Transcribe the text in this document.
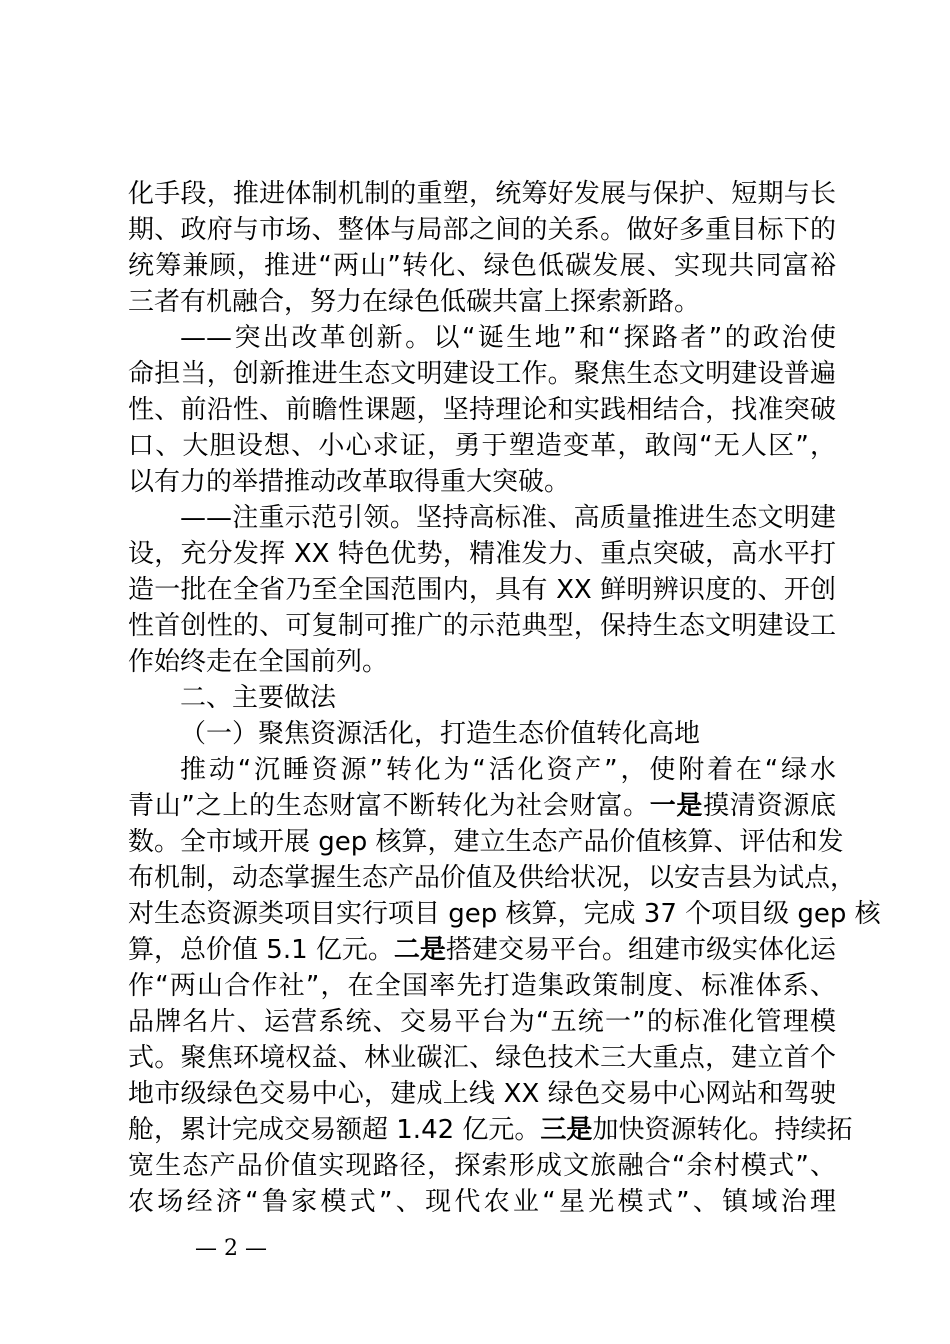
化手段，推进体制机制的重塑，统筹好发展与保护、短期与长
期、政府与市场、整体与局部之间的关系。做好多重目标下的
统筹兼顾，推进“两山”转化、绿色低碳发展、实现共同富裕
三者有机融合，努力在绿色低碳共富上探索新路。
——突出改革创新。以“诞生地”和“探路者”的政治使
命担当，创新推进生态文明建设工作。聚焦生态文明建设普遍
性、前沿性、前瞻性课题，坚持理论和实践相结合，找准突破
口、大胆设想、小心求证，勇于塑造变革，敢闯“无人区”，
以有力的举措推动改革取得重大突破。
——注重示范引领。坚持高标准、高质量推进生态文明建
设，充分发挥 XX 特色优势，精准发力、重点突破，高水平打
造一批在全省乃至全国范围内，具有 XX 鲜明辨识度的、开创
性首创性的、可复制可推广的示范典型，保持生态文明建设工
作始终走在全国前列。
二、主要做法
（一）聚焦资源活化，打造生态价值转化高地
推动“沉睡资源”转化为“活化资产”，使附着在“绿水
青山”之上的生态财富不断转化为社会财富。一是摸清资源底
数。全市域开展 gep 核算，建立生态产品价值核算、评估和发
布机制，动态掌握生态产品价值及供给状况，以安吉县为试点，
对生态资源类项目实行项目 gep 核算，完成 37 个项目级 gep 核
算，总价值 5.1 亿元。二是搭建交易平台。组建市级实体化运
作“两山合作社”，在全国率先打造集政策制度、标准体系、
品牌名片、运营系统、交易平台为“五统一”的标准化管理模
式。聚焦环境权益、林业碳汇、绿色技术三大重点，建立首个
地市级绿色交易中心，建成上线 XX 绿色交易中心网站和驾驶
舱，累计完成交易额超 1.42 亿元。三是加快资源转化。持续拓
宽生态产品价值实现路径，探索形成文旅融合“余村模式”、
农场经济“鲁家模式”、现代农业“星光模式”、镇域治理
— 2 —
